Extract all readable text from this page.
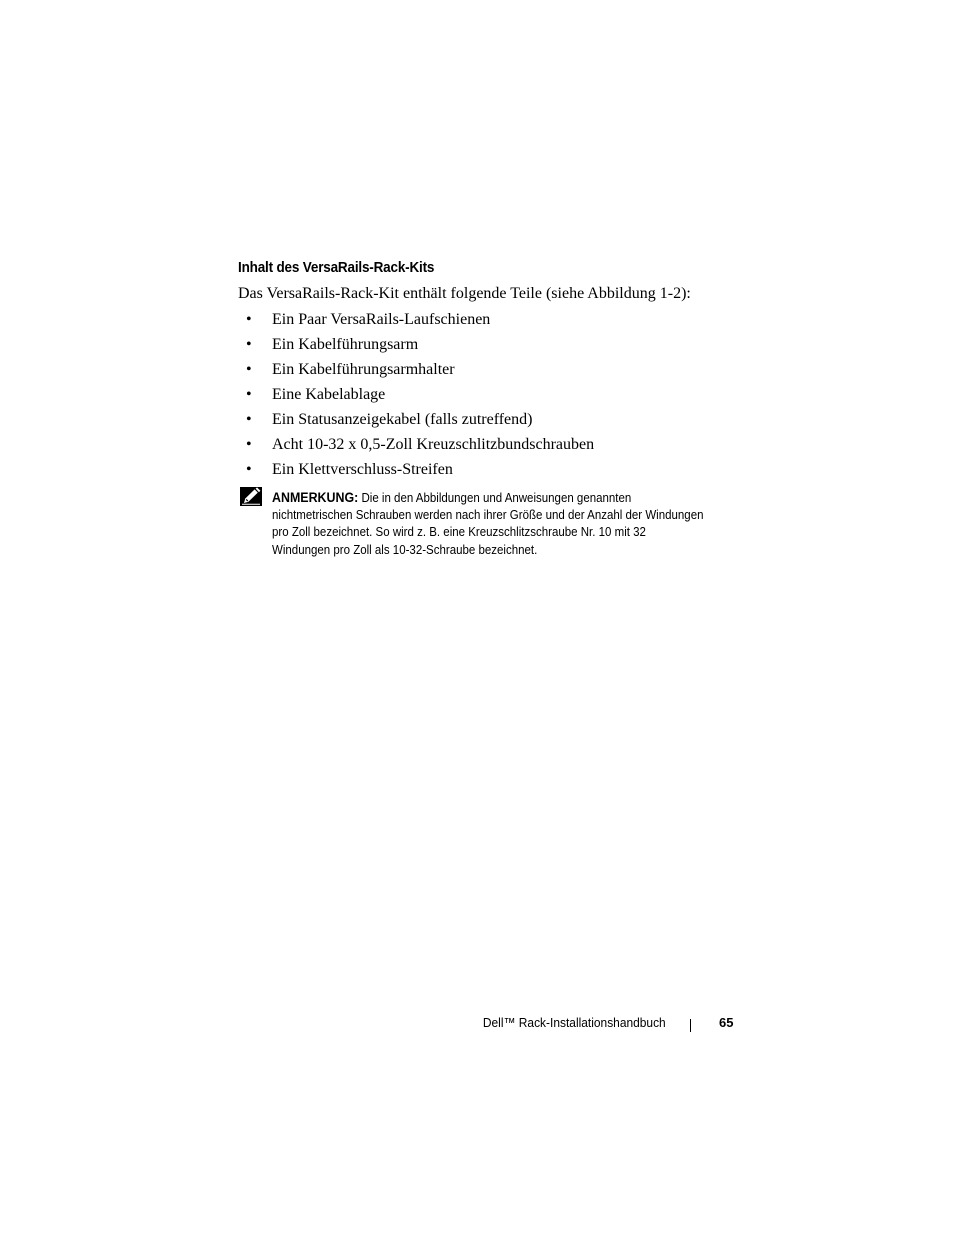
Inhalt des VersaRails-Rack-Kits

Das VersaRails-Rack-Kit enthält folgende Teile (siehe Abbildung 1-2):

• Ein Paar VersaRails-Laufschienen
• Ein Kabelführungsarm
• Ein Kabelführungsarmhalter
• Eine Kabelablage
• Ein Statusanzeigekabel (falls zutreffend)
• Acht 10-32 x 0,5-Zoll Kreuzschlitzbundschrauben
• Ein Klettverschluss-Streifen
ANMERKUNG: Die in den Abbildungen und Anweisungen genannten nichtmetrischen Schrauben werden nach ihrer Größe und der Anzahl der Windungen pro Zoll bezeichnet. So wird z. B. eine Kreuzschlitzschraube Nr. 10 mit 32 Windungen pro Zoll als 10-32-Schraube bezeichnet.
Dell™ Rack-Installationshandbuch	65
